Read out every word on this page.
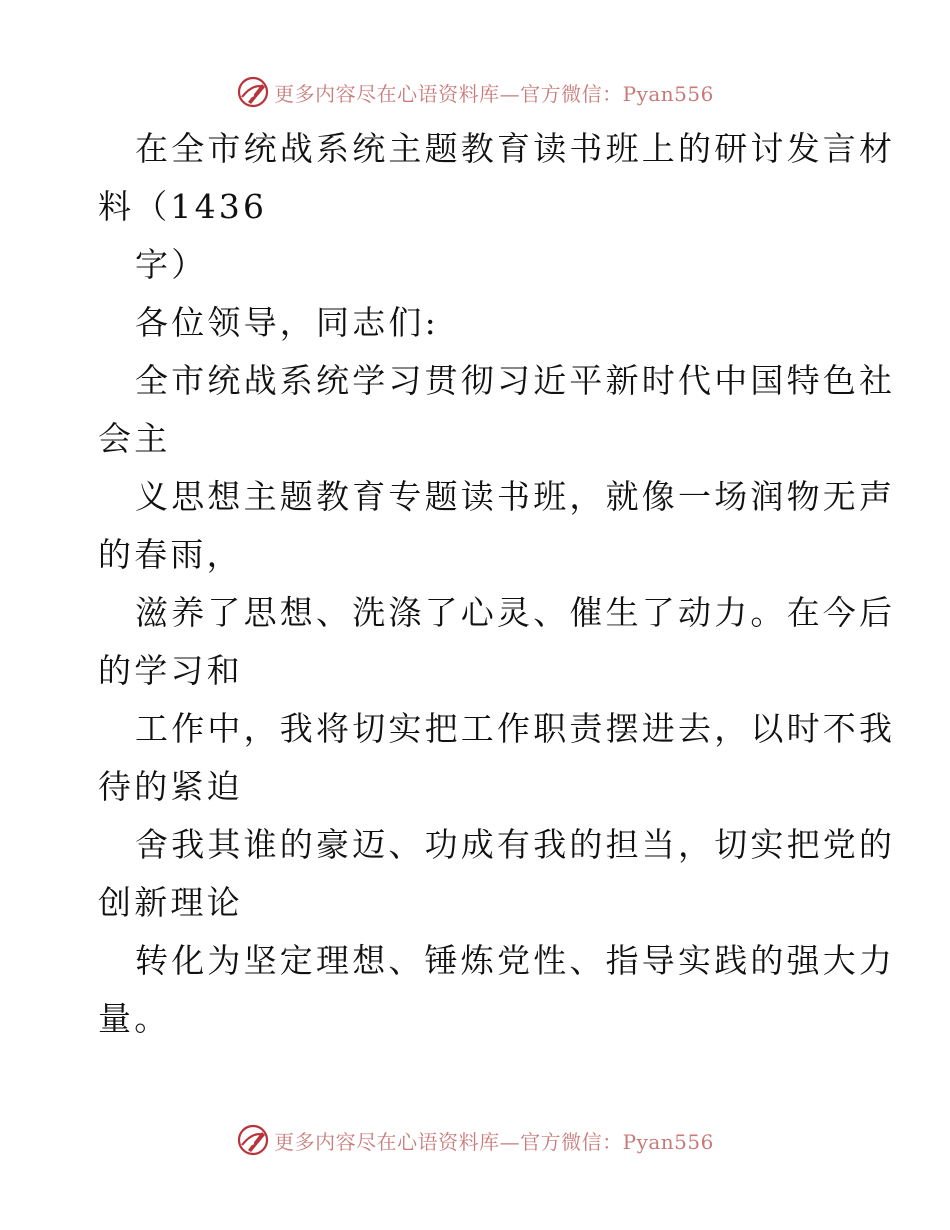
更多内容尽在心语资料库—官方微信：Pyan556
在全市统战系统主题教育读书班上的研讨发言材
料（1436
字）
各位领导，同志们:
全市统战系统学习贯彻习近平新时代中国特色社
会主
义思想主题教育专题读书班，就像一场润物无声
的春雨，
滋养了思想、洗涤了心灵、催生了动力。在今后
的学习和
工作中，我将切实把工作职责摆进去，以时不我
待的紧迫
舍我其谁的豪迈、功成有我的担当，切实把党的
创新理论
转化为坚定理想、锤炼党性、指导实践的强大力
量。
更多内容尽在心语资料库—官方微信：Pyan556
